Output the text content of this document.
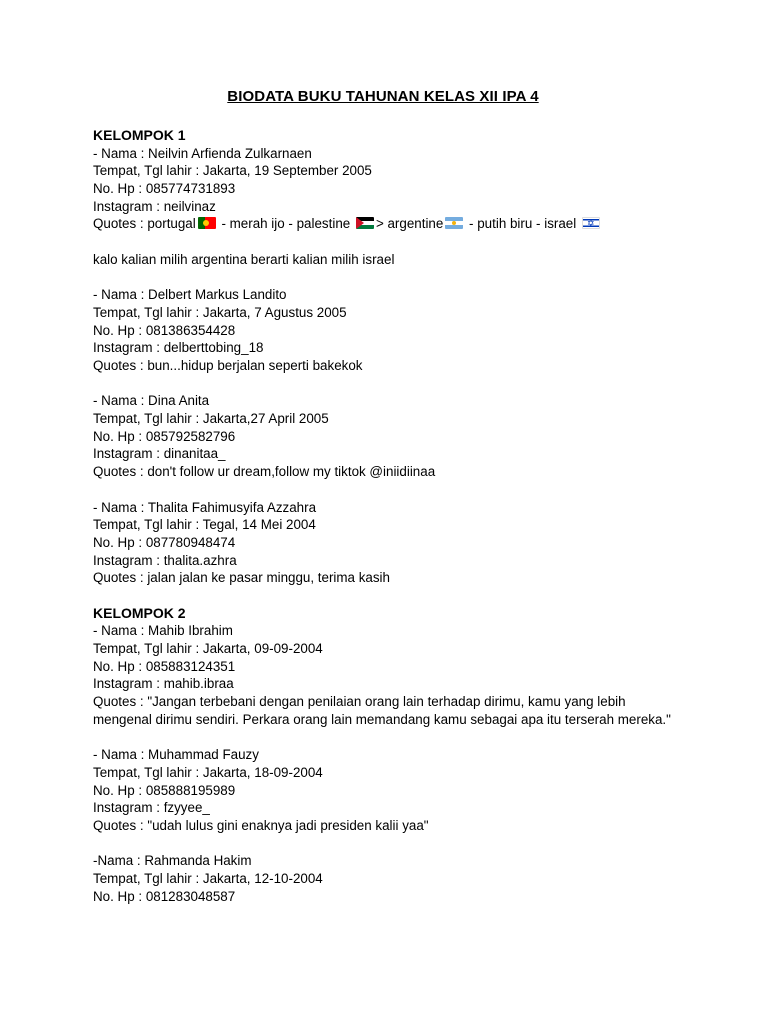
BIODATA BUKU TAHUNAN KELAS XII IPA 4
KELOMPOK 1
- Nama : Neilvin Arfienda Zulkarnaen
Tempat, Tgl lahir : Jakarta, 19 September 2005
No. Hp : 085774731893
Instagram : neilvinaz
Quotes : portugal - merah ijo - palestine > argentine - putih biru - israel ✡
kalo kalian milih argentina berarti kalian milih israel
- Nama : Delbert Markus Landito
Tempat, Tgl lahir : Jakarta, 7 Agustus 2005
No. Hp : 081386354428
Instagram : delberttobing_18
Quotes : bun...hidup berjalan seperti bakekok
- Nama : Dina Anita
Tempat, Tgl lahir : Jakarta,27 April 2005
No. Hp : 085792582796
Instagram : dinanitaa_
Quotes : don't follow ur dream,follow my tiktok @iniidiinaa
- Nama : Thalita Fahimusyifa Azzahra
Tempat, Tgl lahir : Tegal, 14 Mei 2004
No. Hp : 087780948474
Instagram : thalita.azhra
Quotes : jalan jalan ke pasar minggu, terima kasih
KELOMPOK 2
- Nama : Mahib Ibrahim
Tempat, Tgl lahir : Jakarta, 09-09-2004
No. Hp : 085883124351
Instagram : mahib.ibraa
Quotes : "Jangan terbebani dengan penilaian orang lain terhadap dirimu, kamu yang lebih mengenal dirimu sendiri. Perkara orang lain memandang kamu sebagai apa itu terserah mereka."
- Nama : Muhammad Fauzy
Tempat, Tgl lahir : Jakarta, 18-09-2004
No. Hp : 085888195989
Instagram : fzyyee_
Quotes : "udah lulus gini enaknya jadi presiden kalii yaa"
-Nama : Rahmanda Hakim
Tempat, Tgl lahir : Jakarta, 12-10-2004
No. Hp : 081283048587
